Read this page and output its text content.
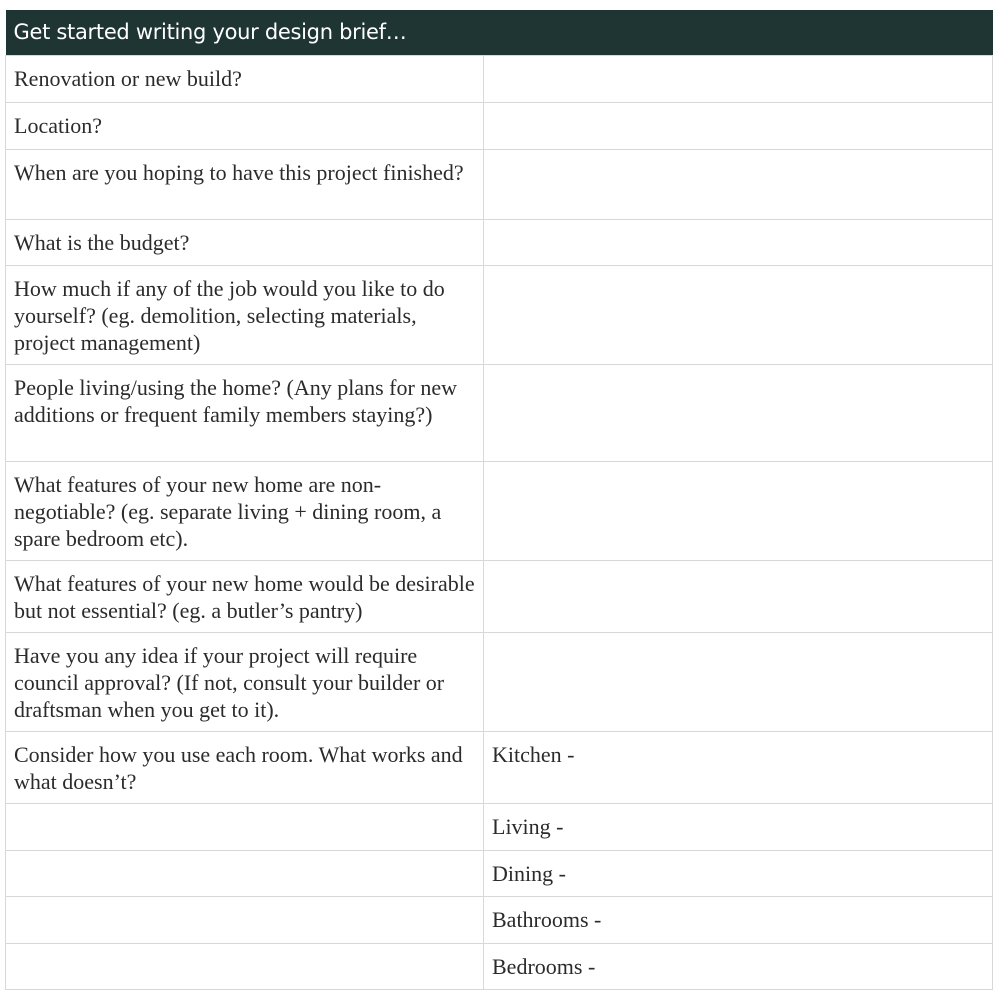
Get started writing your design brief…	
Renovation or new build?	
Location?	
When are you hoping to have this project finished?	
What is the budget?	
How much if any of the job would you like to do yourself? (eg. demolition, selecting materials, project management)	
People living/using the home? (Any plans for new additions or frequent family members staying?)	
What features of your new home are non-negotiable? (eg. separate living + dining room, a spare bedroom etc).	
What features of your new home would be desirable but not essential? (eg. a butler’s pantry)	
Have you any idea if your project will require council approval? (If not, consult your builder or draftsman when you get to it).	
Consider how you use each room. What works and what doesn’t?	Kitchen -
	Living -
	Dining -
	Bathrooms -
	Bedrooms -
